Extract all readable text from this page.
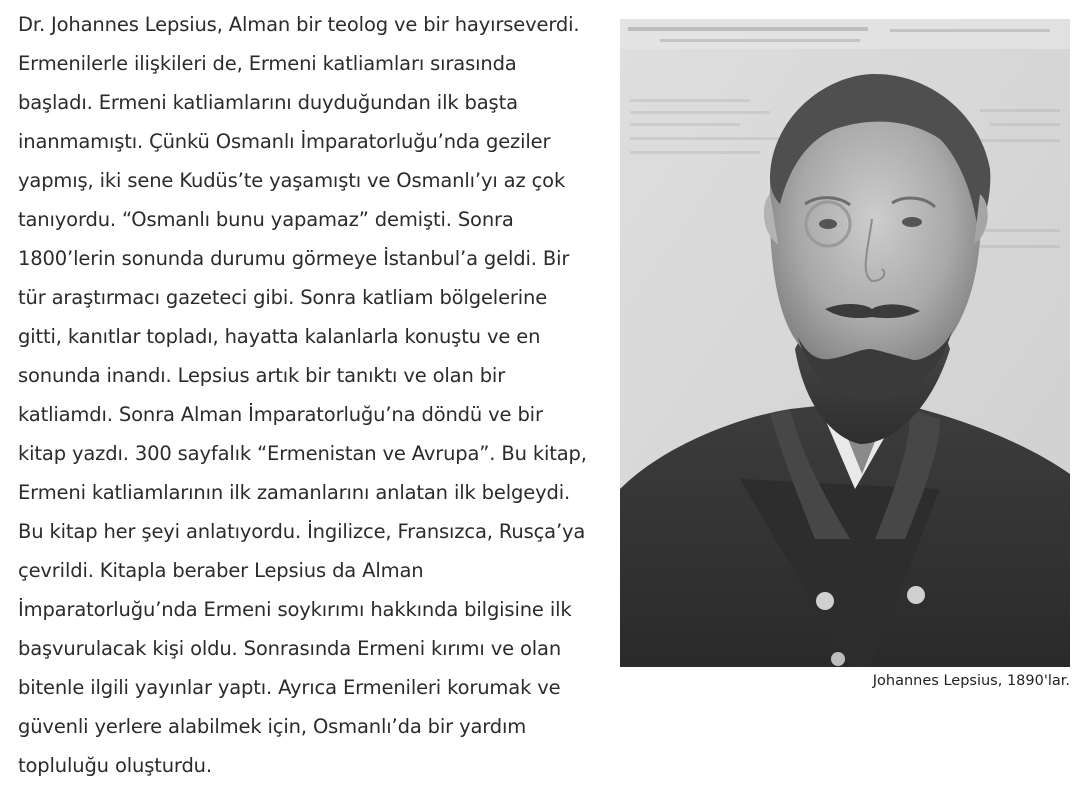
Dr. Johannes Lepsius, Alman bir teolog ve bir hayırseverdi.
Ermenilerle ilişkileri de, Ermeni katliamları sırasında
başladı. Ermeni katliamlarını duyduğundan ilk başta
inanmamıştı. Çünkü Osmanlı İmparatorluğu’nda geziler
yapmış, iki sene Kudüs’te yaşamıştı ve Osmanlı’yı az çok
tanıyordu. “Osmanlı bunu yapamaz” demişti. Sonra
1800’lerin sonunda durumu görmeye İstanbul’a geldi. Bir
tür araştırmacı gazeteci gibi. Sonra katliam bölgelerine
gitti, kanıtlar topladı, hayatta kalanlarla konuştu ve en
sonunda inandı. Lepsius artık bir tanıktı ve olan bir
katliamdı. Sonra Alman İmparatorluğu’na döndü ve bir
kitap yazdı. 300 sayfalık “Ermenistan ve Avrupa”. Bu kitap,
Ermeni katliamlarının ilk zamanlarını anlatan ilk belgeydi.
Bu kitap her şeyi anlatıyordu. İngilizce, Fransızca, Rusça’ya
çevrildi. Kitapla beraber Lepsius da Alman
İmparatorluğu’nda Ermeni soykırımı hakkında bilgisine ilk
başvurulacak kişi oldu. Sonrasında Ermeni kırımı ve olan
bitenle ilgili yayınlar yaptı. Ayrıca Ermenileri korumak ve
güvenli yerlere alabilmek için, Osmanlı’da bir yardım
topluluğu oluşturdu.

Johannes Lepsius, 1890'lar.
